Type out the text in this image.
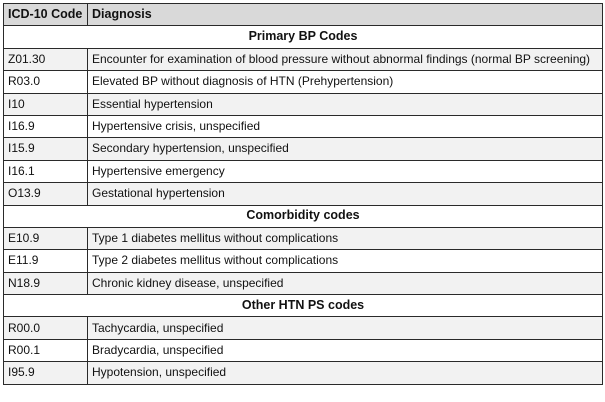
ICD-10 Code	Diagnosis
Primary BP Codes	
Z01.30	Encounter for examination of blood pressure without abnormal findings (normal BP screening)
R03.0	Elevated BP without diagnosis of HTN (Prehypertension)
I10	Essential hypertension
I16.9	Hypertensive crisis, unspecified
I15.9	Secondary hypertension, unspecified
I16.1	Hypertensive emergency
O13.9	Gestational hypertension
Comorbidity codes	
E10.9	Type 1 diabetes mellitus without complications
E11.9	Type 2 diabetes mellitus without complications
N18.9	Chronic kidney disease, unspecified
Other HTN PS codes	
R00.0	Tachycardia, unspecified
R00.1	Bradycardia, unspecified
I95.9	Hypotension, unspecified
